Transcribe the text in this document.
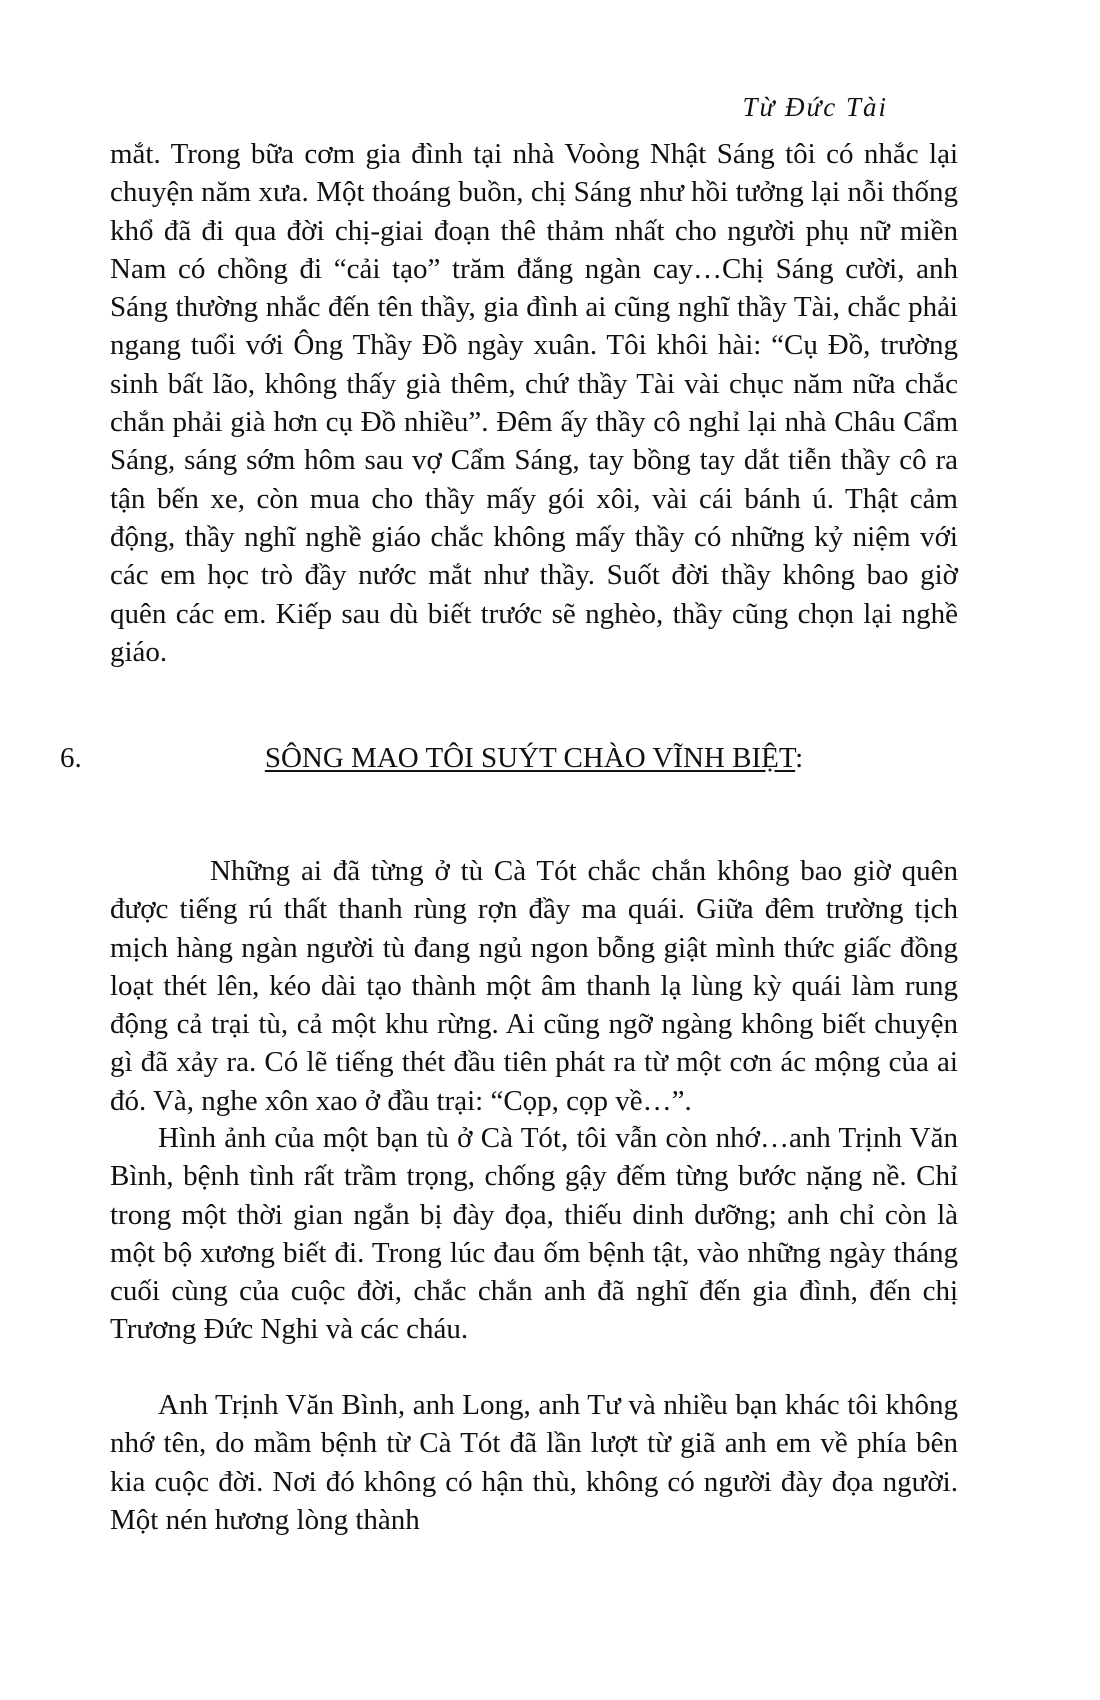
Từ Đức Tài

mắt. Trong bữa cơm gia đình tại nhà Voòng Nhật Sáng tôi có nhắc lại chuyện năm xưa. Một thoáng buồn, chị Sáng như hồi tưởng lại nỗi thống khổ đã đi qua đời chị-giai đoạn thê thảm nhất cho người phụ nữ miền Nam có chồng đi “cải tạo” trăm đắng ngàn cay…Chị Sáng cười, anh Sáng thường nhắc đến tên thầy, gia đình ai cũng nghĩ thầy Tài, chắc phải ngang tuổi với Ông Thầy Đồ ngày xuân. Tôi khôi hài: “Cụ Đồ, trường sinh bất lão, không thấy già thêm, chứ thầy Tài vài chục năm nữa chắc chắn phải già hơn cụ Đồ nhiều”. Đêm ấy thầy cô nghỉ lại nhà Châu Cẩm Sáng, sáng sớm hôm sau vợ Cẩm Sáng, tay bồng tay dắt tiễn thầy cô ra tận bến xe, còn mua cho thầy mấy gói xôi, vài cái bánh ú. Thật cảm động, thầy nghĩ nghề giáo chắc không mấy thầy có những kỷ niệm với các em học trò đầy nước mắt như thầy. Suốt đời thầy không bao giờ quên các em. Kiếp sau dù biết trước sẽ nghèo, thầy cũng chọn lại nghề giáo.

6.	SÔNG MAO TÔI SUÝT CHÀO VĨNH BIỆT:

Những ai đã từng ở tù Cà Tót chắc chắn không bao giờ quên được tiếng rú thất thanh rùng rợn đầy ma quái. Giữa đêm trường tịch mịch hàng ngàn người tù đang ngủ ngon bỗng giật mình thức giấc đồng loạt thét lên, kéo dài tạo thành một âm thanh lạ lùng kỳ quái làm rung động cả trại tù, cả một khu rừng. Ai cũng ngỡ ngàng không biết chuyện gì đã xảy ra. Có lẽ tiếng thét đầu tiên phát ra từ một cơn ác mộng của ai đó. Và, nghe xôn xao ở đầu trại: “Cọp, cọp về…”.

Hình ảnh của một bạn tù ở Cà Tót, tôi vẫn còn nhớ…anh Trịnh Văn Bình, bệnh tình rất trầm trọng, chống gậy đếm từng bước nặng nề. Chỉ trong một thời gian ngắn bị đày đọa, thiếu dinh dưỡng; anh chỉ còn là một bộ xương biết đi. Trong lúc đau ốm bệnh tật, vào những ngày tháng cuối cùng của cuộc đời, chắc chắn anh đã nghĩ đến gia đình, đến chị Trương Đức Nghi và các cháu.

Anh Trịnh Văn Bình, anh Long, anh Tư và nhiều bạn khác tôi không nhớ tên, do mầm bệnh từ Cà Tót đã lần lượt từ giã anh em về phía bên kia cuộc đời. Nơi đó không có hận thù, không có người đày đọa người. Một nén hương lòng thành
